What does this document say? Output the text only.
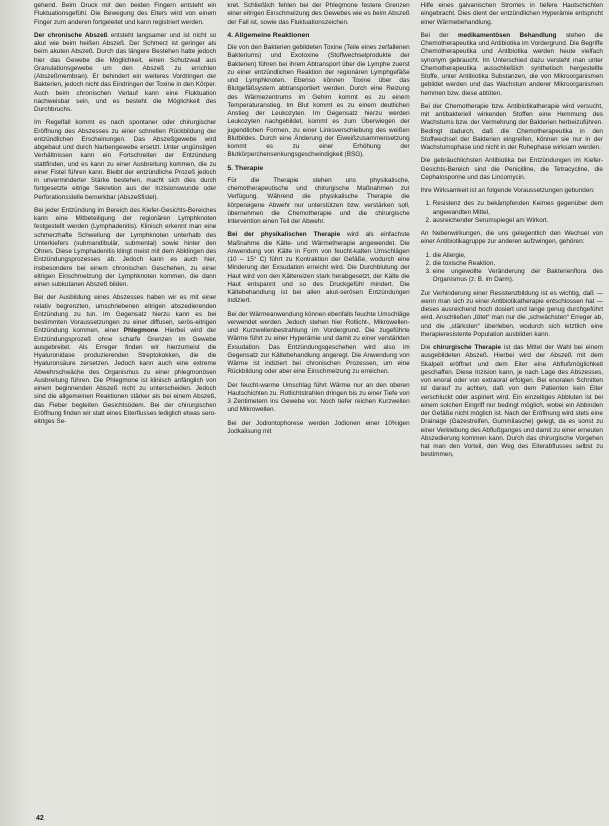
gehend. Beim Druck mit den beiden Fingern entsteht ein Fluktuationsgefühl. Die Bewegung des Eiters wird von einem Finger zum anderen fortgeleitet und kann registriert werden.

Der chronische Abszeß entsteht langsamer und ist nicht so akut wie beim heißen Abszeß. Der Schmerz ist geringer als beim akuten Abszeß. Durch das längere Bestehen hatte jedoch hier das Gewebe die Möglichkeit, einen Schutzwall aus Granulationsgewebe um den Abszeß zu errichten (Abszeßmembran). Er behindert ein weiteres Vordringen der Bakterien, jedoch nicht das Eindringen der Toxine in den Körper. Auch beim chronischen Verlauf kann eine Fluktuation nachweisbar sein, und es besteht die Möglichkeit des Durchbruchs.

Im Regelfall kommt es nach spontaner oder chirurgischer Eröffnung des Abszesses zu einer schnellen Rückbildung der entzündlichen Erscheinungen. Das Abszeßgewebe wird abgebaut und durch Narbengewebe ersetzt. Unter ungünstigen Verhältnissen kann ein Fortschreiten der Entzündung stattfinden, und es kann zu einer Ausbreitung kommen, die zu einer Fistel führen kann. Bleibt der entzündliche Prozeß jedoch in unverminderter Stärke bestehen, macht sich dies durch fortgesetzte eitrige Sekretion aus der Inzisionswunde oder Perforationsstelle bemerkbar (Abszeßfistel).

Bei jeder Entzündung im Bereich des Kiefer-Gesichts-Bereiches kann eine Mitbeteiligung der regionären Lymphknoten festgestellt werden (Lymphadenitis). Klinisch erkennt man eine schmerzhafte Schwellung der Lymphknoten unterhalb des Unterkiefers (submandibulär, submental) sowie hinter den Ohren. Diese Lymphadenitis klingt meist mit dem Abklingen des Entzündungsprozesses ab. Jedoch kann es auch hier, insbesondere bei einem chronischen Geschehen, zu einer eitrigen Einschmelzung der Lymphknoten kommen, die dann einen subkutanen Abszeß bilden.

Bei der Ausbildung eines Abszesses haben wir es mit einer relativ begrenzten, umschriebenen eitrigen abszedierenden Entzündung zu tun. Im Gegensatz hierzu kann es bei bestimmten Voraussetzungen zu einer diffusen, serös-eitrigen Entzündung kommen, einer Phlegmone. Hierbei wird der Entzündungsprozeß ohne scharfe Grenzen im Gewebe ausgebreitet. Als Erreger finden wir hierzumeist die Hyaluronidase produzierenden Streptokokken, die die Hyaluronsäure zersetzen. Jedoch kann auch eine extreme Abwehrschwäche des Organismus zu einer phlegmonösen Ausbreitung führen. Die Phlegmone ist klinisch anfänglich von einem beginnenden Abszeß nicht zu unterscheiden. Jedoch sind die allgemeinen Reaktionen stärker als bei einem Abszeß, das Fieber begleiten Gesichtsödem. Bei der chirurgischen Eröffnung finden wir statt eines Eiterflusses lediglich etwas sero-eitriges Se-

kret. Schließlich fehlen bei der Phlegmone festere Grenzen einer eitrigen Einschmelzung des Gewebes wie es beim Abszeß der Fall ist, sowie das Fluktuationszeichen.

4. Allgemeine Reaktionen

Die von den Bakterien gebildeten Toxine (Teile eines zerfallenen Bakteriums) und Exotoxine (Stoffwechselprodukte der Bakterien) führen bei ihrem Abtransport über die Lymphe zuerst zu einer entzündlichen Reaktion der regionären Lymphgefäße und Lymphknoten. Ebenso können Toxine über das Blutgefäßsystem abtransportiert werden. Durch eine Reizung des Wärmezentrums im Gehirn kommt es zu einem Temperaturanstieg. Im Blut kommt es zu einem deutlichen Anstieg der Leukozyten. Im Gegensatz hierzu werden Leukozyten nachgebildet, kommt es zum Überwiegen der jugendlichen Formen, zu einer Linksverschiebung des weißen Blutbildes. Durch eine Änderung der Eiweißzusammensetzung kommt es zu einer Erhöhung der Blutkörperchensenkungsgeschwindigkeit (BSG).

5. Therapie

Für die Therapie stehen uns physikalische, chemotherapeutische und chirurgische Maßnahmen zur Verfügung. Während die physikalische Therapie die körpereigene Abwehr nur unterstützen bzw. verstärken soll, übernehmen die Chemotherapie und die chirurgische Intervention einen Teil der Abwehr.

Bei der physikalischen Therapie wird als einfachste Maßnahme die Kälte- und Wärmetherapie angewendet. Die Anwendung von Kälte in Form von feucht-kalten Umschlägen (10 – 15° C) führt zu Kontraktion der Gefäße, wodurch eine Minderung der Exsudation erreicht wird. Die Durchblutung der Haut wird von den Kältereizen stark herabgesetzt, der Kälte die Haut entspannt und so des Druckgefühl mindert. Die Kältebehandlung ist bei allen akut-serösen Entzündungen indiziert.

Bei der Wärmeanwendung können ebenfalls feuchte Umschläge verwendet werden. Jedoch stehen hier Rotlicht-, Mikrowellen- und Kurzwellenbestrahlung im Vordergrund. Die zugeführte Wärme führt zu einer Hyperämie und damit zu einer verstärkten Exsudation. Das Entzündungsgeschehen wird also im Gegensatz zur Kältebehandlung angeregt. Die Anwendung von Wärme ist indiziert bei chronischen Prozessen, um eine Rückbildung oder aber eine Einschmelzung zu erreichen.

Der feucht-warme Umschlag führt Wärme nur an den oberen Hautschichten zu. Rotlichtstrahlen dringen bis zu einer Tiefe von 3 Zentimetern ins Gewebe vor. Noch tiefer reichen Kurzwellen und Mikrowellen.

Bei der Jodiontophorese werden Jodionen einer 10%igen Jodkalisung mit

Hilfe eines galvanischen Stromes in tiefere Hautschichten eingebracht. Dies dient der entzündlichen Hyperämie entspricht einer Wärmebehandlung.

Bei der medikamentösen Behandlung stehen die Chemotherapeutika und Antibiotika im Vordergrund. Die Begriffe Chemotherapeutika und Antibiotika werden heute vielfach synonym gebraucht. Im Unterschied dazu versteht man unter Chemotherapeutika ausschließlich synthetisch hergestellte Stoffe, unter Antibiotika Substanzen, die von Mikroorganismen gebildet werden und das Wachstum anderer Mikroorganismen hemmen bzw. diese abtöten.

Bei der Chemotherapie bzw. Antibiotikatherapie wird versucht, mit antibakteriell wirkenden Stoffen eine Hemmung des Wachstums bzw. der Vermehrung der Bakterien herbeizuführen. Bedingt dadurch, daß die Chemotherapeutika in den Stoffwechsel der Bakterien eingreifen, können sie nur in der Wachstumsphase und nicht in der Ruhephase wirksam werden.

Die gebräuchlichsten Antibiotika bei Entzündungen im Kiefer-Gesichts-Bereich sind die Penicilline, die Tetracycline, die Cephalosporine und das Lincomycin.

Ihre Wirksamkeit ist an folgende Voraussetzungen gebunden:

1. Resistenz des zu bekämpfenden Keimes gegenüber dem angewandten Mittel,
2. ausreichender Serumspiegel am Wirkort.

An Nebenwirkungen, die uns gelegentlich den Wechsel von einer Antibiotikagruppe zur anderen aufzwingen, gehören:

1. die Allergie,
2. die toxische Reaktion,
3. eine ungewollte Veränderung der Bakterienflora des Organismus (z. B. im Darm).

Zur Verhinderung einer Resistenzbildung ist es wichtig, daß — wenn man sich zu einer Antibiotikatherapie entschlossen hat — dieses ausreichend hoch dosiert und lange genug durchgeführt wird. Anschließen „tötet“ man nur die „schwächsten“ Erreger ab, und die „stärksten“ überleben, wodurch sich letztlich eine therapieresistente Population ausbilden kann.

Die chirurgische Therapie ist das Mittel der Wahl bei einem ausgebildeten Abszeß. Hierbei wird der Abszeß mit dem Skalpell eröffnet und dem Eiter eine Abflußmöglichkeit geschaffen. Diese Inzision kann, je nach Lage des Abszesses, von enoral oder von extraoral erfolgen. Bei enoralen Schnitten ist darauf zu achten, daß von dem Patienten kein Eiter verschluckt oder aspiriert wird. Ein einzeitiges Abbluten ist bei einem solchen Eingriff nur bedingt möglich, wobei ein Abbinden der Gefäße nicht möglich ist. Nach der Eröffnung wird stets eine Drainage (Gazestreifen, Gummilasche) gelegt, da es sonst zu einer Verklebung des Abflußganges und damit zu einer erneuten Abszedierung kommen kann. Durch das chirurgische Vorgehen hat man den Vorteil, den Weg des Eiterabflusses selbst zu bestimmen,

42
